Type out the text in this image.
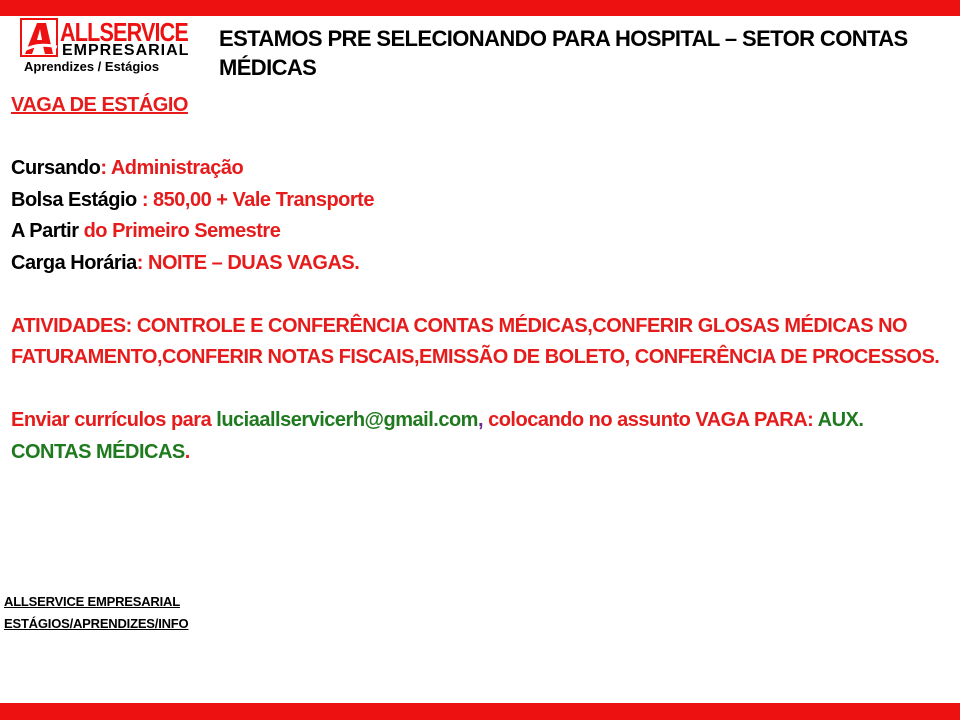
ALLSERVICE
EMPRESARIAL
Aprendizes / Estágios
ESTAMOS PRE SELECIONANDO PARA HOSPITAL – SETOR CONTAS MÉDICAS

VAGA DE ESTÁGIO

Cursando: Administração

Bolsa Estágio : 850,00 + Vale Transporte

A Partir do Primeiro Semestre

Carga Horária: NOITE – DUAS VAGAS.

ATIVIDADES: CONTROLE E CONFERÊNCIA CONTAS MÉDICAS,CONFERIR GLOSAS MÉDICAS NO FATURAMENTO,CONFERIR NOTAS FISCAIS,EMISSÃO DE BOLETO, CONFERÊNCIA DE PROCESSOS.

Enviar currículos para luciaallservicerh@gmail.com, colocando no assunto VAGA PARA: AUX. CONTAS MÉDICAS.

ALLSERVICE EMPRESARIAL
ESTÁGIOS/APRENDIZES/INFO
